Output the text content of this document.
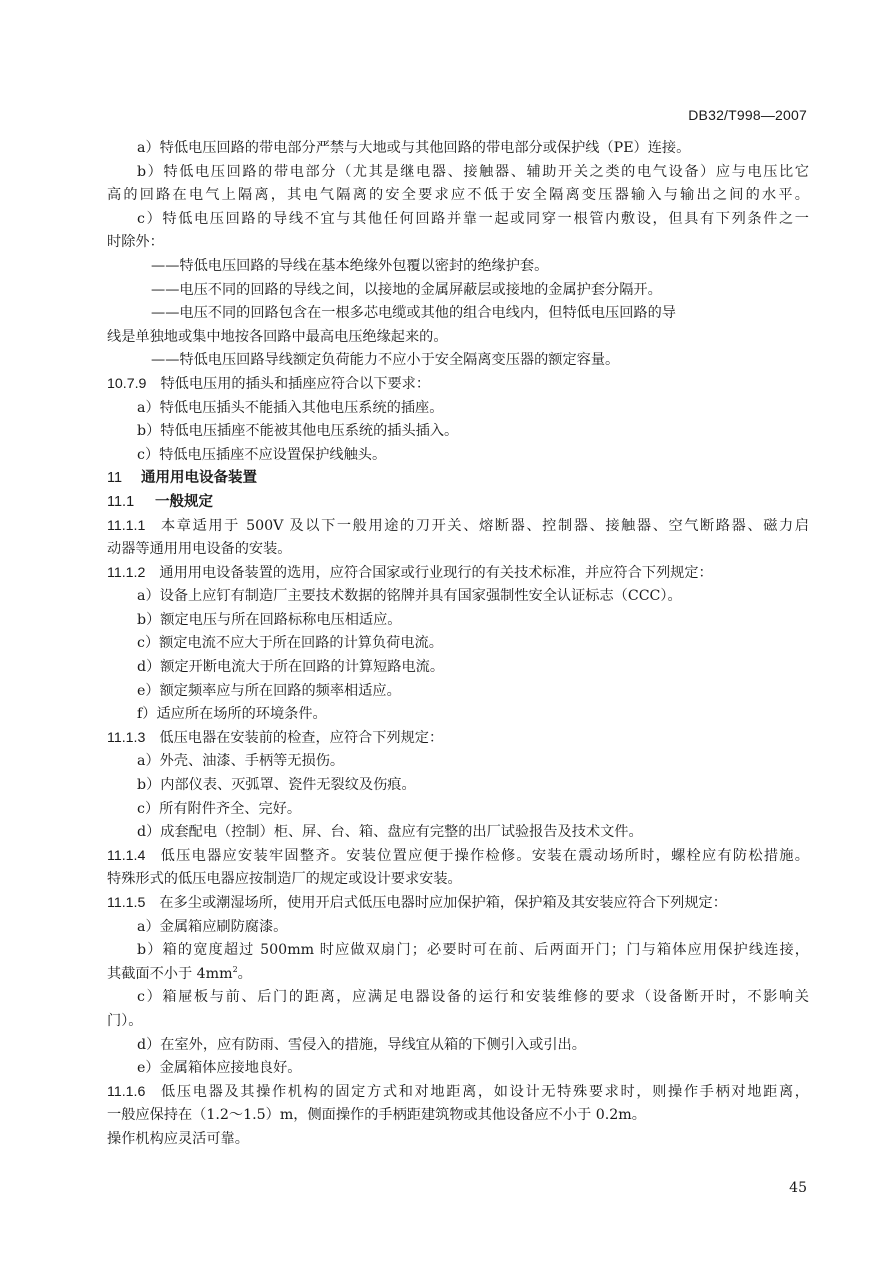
DB32/T998—2007
a）特低电压回路的带电部分严禁与大地或与其他回路的带电部分或保护线（PE）连接。
b）特低电压回路的带电部分（尤其是继电器、接触器、辅助开关之类的电气设备）应与电压比它
高的回路在电气上隔离，其电气隔离的安全要求应不低于安全隔离变压器输入与输出之间的水平。
c）特低电压回路的导线不宜与其他任何回路并靠一起或同穿一根管内敷设，但具有下列条件之一
时除外：
——特低电压回路的导线在基本绝缘外包覆以密封的绝缘护套。
——电压不同的回路的导线之间，以接地的金属屏蔽层或接地的金属护套分隔开。
——电压不同的回路包含在一根多芯电缆或其他的组合电线内，但特低电压回路的导
线是单独地或集中地按各回路中最高电压绝缘起来的。
——特低电压回路导线额定负荷能力不应小于安全隔离变压器的额定容量。
10.7.9 特低电压用的插头和插座应符合以下要求：
a）特低电压插头不能插入其他电压系统的插座。
b）特低电压插座不能被其他电压系统的插头插入。
c）特低电压插座不应设置保护线触头。
11 通用用电设备装置
11.1 一般规定
11.1.1 本章适用于 500V 及以下一般用途的刀开关、熔断器、控制器、接触器、空气断路器、磁力启
动器等通用用电设备的安装。
11.1.2 通用用电设备装置的选用，应符合国家或行业现行的有关技术标准，并应符合下列规定：
a）设备上应钉有制造厂主要技术数据的铭牌并具有国家强制性安全认证标志（CCC）。
b）额定电压与所在回路标称电压相适应。
c）额定电流不应大于所在回路的计算负荷电流。
d）额定开断电流大于所在回路的计算短路电流。
e）额定频率应与所在回路的频率相适应。
f）适应所在场所的环境条件。
11.1.3 低压电器在安装前的检查，应符合下列规定：
a）外壳、油漆、手柄等无损伤。
b）内部仪表、灭弧罩、瓷件无裂纹及伤痕。
c）所有附件齐全、完好。
d）成套配电（控制）柜、屏、台、箱、盘应有完整的出厂试验报告及技术文件。
11.1.4 低压电器应安装牢固整齐。安装位置应便于操作检修。安装在震动场所时，螺栓应有防松措施。
特殊形式的低压电器应按制造厂的规定或设计要求安装。
11.1.5 在多尘或潮湿场所，使用开启式低压电器时应加保护箱，保护箱及其安装应符合下列规定：
a）金属箱应刷防腐漆。
b）箱的宽度超过 500mm 时应做双扇门；必要时可在前、后两面开门；门与箱体应用保护线连接，
其截面不小于 $4mm^2$。
c）箱屉板与前、后门的距离，应满足电器设备的运行和安装维修的要求（设备断开时，不影响关
门）。
d）在室外，应有防雨、雪侵入的措施，导线宜从箱的下侧引入或引出。
e）金属箱体应接地良好。
11.1.6 低压电器及其操作机构的固定方式和对地距离，如设计无特殊要求时，则操作手柄对地距离，
一般应保持在（1.2～1.5）m，侧面操作的手柄距建筑物或其他设备应不小于 0.2m。
操作机构应灵活可靠。
45
